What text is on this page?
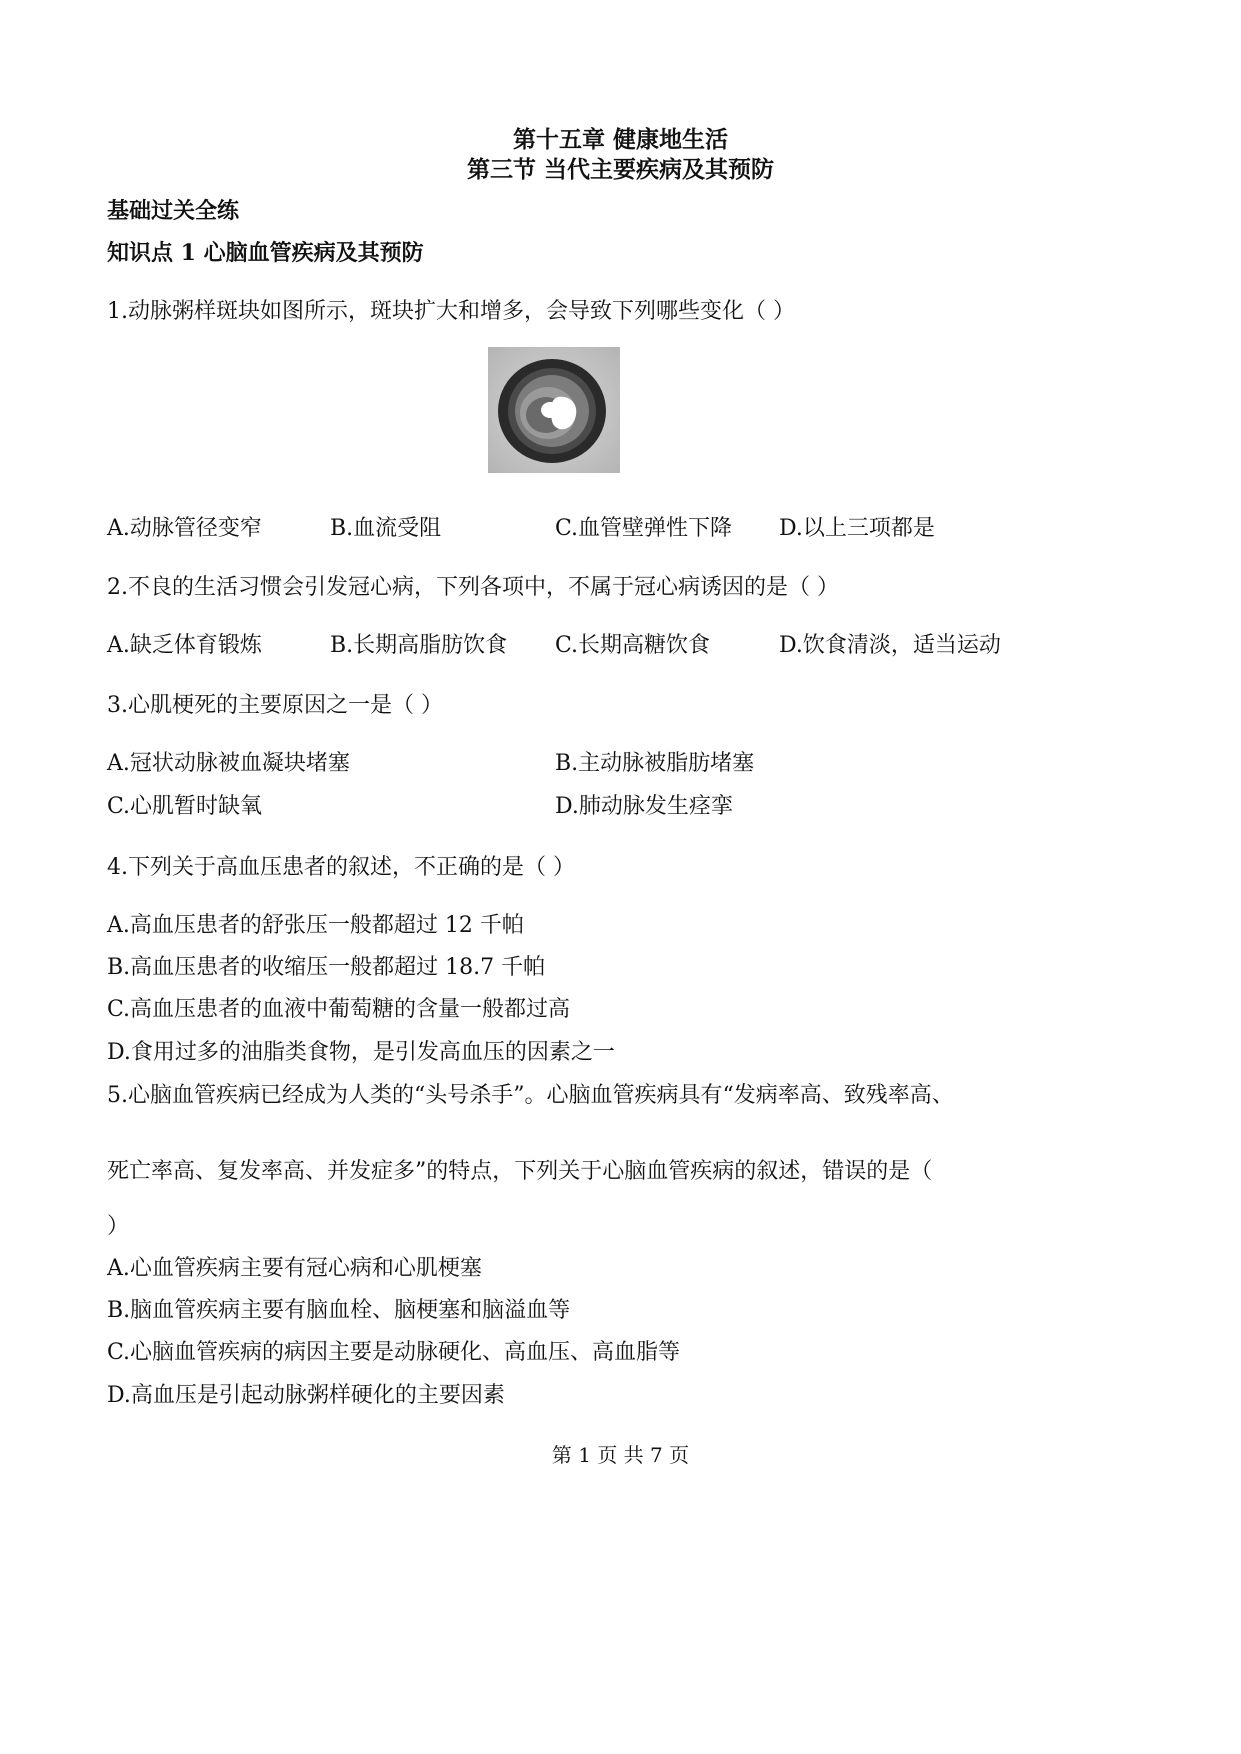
第十五章 健康地生活
第三节 当代主要疾病及其预防
基础过关全练
知识点 1 心脑血管疾病及其预防
1.动脉粥样斑块如图所示，斑块扩大和增多，会导致下列哪些变化（ ）
A.动脉管径变窄	B.血流受阻	C.血管壁弹性下降 D.以上三项都是
2.不良的生活习惯会引发冠心病，下列各项中，不属于冠心病诱因的是（ ）
A.缺乏体育锻炼	B.长期高脂肪饮食 C.长期高糖饮食	D.饮食清淡，适当运动
3.心肌梗死的主要原因之一是（ ）
A.冠状动脉被血凝块堵塞	B.主动脉被脂肪堵塞
C.心肌暂时缺氧	D.肺动脉发生痉挛
4.下列关于高血压患者的叙述，不正确的是（ ）
A.高血压患者的舒张压一般都超过 12 千帕
B.高血压患者的收缩压一般都超过 18.7 千帕
C.高血压患者的血液中葡萄糖的含量一般都过高
D.食用过多的油脂类食物，是引发高血压的因素之一
5.心脑血管疾病已经成为人类的“头号杀手”。心脑血管疾病具有“发病率高、致残率高、
死亡率高、复发率高、并发症多”的特点，下列关于心脑血管疾病的叙述，错误的是（
）
A.心血管疾病主要有冠心病和心肌梗塞
B.脑血管疾病主要有脑血栓、脑梗塞和脑溢血等
C.心脑血管疾病的病因主要是动脉硬化、高血压、高血脂等
D.高血压是引起动脉粥样硬化的主要因素
第 1 页 共 7 页
